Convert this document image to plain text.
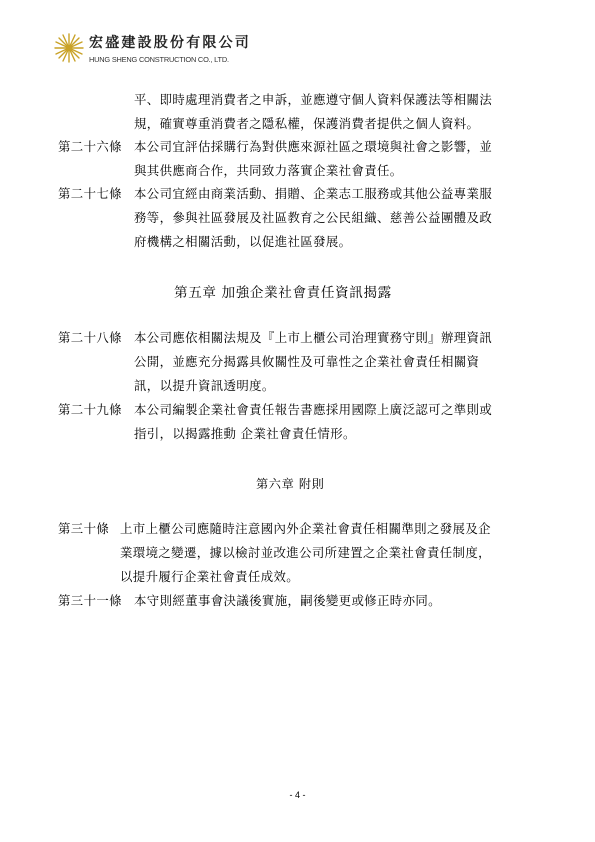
宏盛建設股份有限公司
HUNG SHENG CONSTRUCTION CO., LTD.
平、即時處理消費者之申訴，並應遵守個人資料保護法等相關法
規，確實尊重消費者之隱私權，保護消費者提供之個人資料。
第二十六條 本公司宜評估採購行為對供應來源社區之環境與社會之影響，並
與其供應商合作，共同致力落實企業社會責任。
第二十七條 本公司宜經由商業活動、捐贈、企業志工服務或其他公益專業服
務等，參與社區發展及社區教育之公民組織、慈善公益團體及政
府機構之相關活動，以促進社區發展。
第五章 加強企業社會責任資訊揭露
第二十八條 本公司應依相關法規及『上市上櫃公司治理實務守則』辦理資訊
公開，並應充分揭露具攸關性及可靠性之企業社會責任相關資
訊，以提升資訊透明度。
第二十九條 本公司編製企業社會責任報告書應採用國際上廣泛認可之準則或
指引，以揭露推動 企業社會責任情形。
第六章 附則
第三十條 上市上櫃公司應隨時注意國內外企業社會責任相關準則之發展及企
業環境之變遷，據以檢討並改進公司所建置之企業社會責任制度，
以提升履行企業社會責任成效。
第三十一條 本守則經董事會決議後實施，嗣後變更或修正時亦同。
- 4 -
